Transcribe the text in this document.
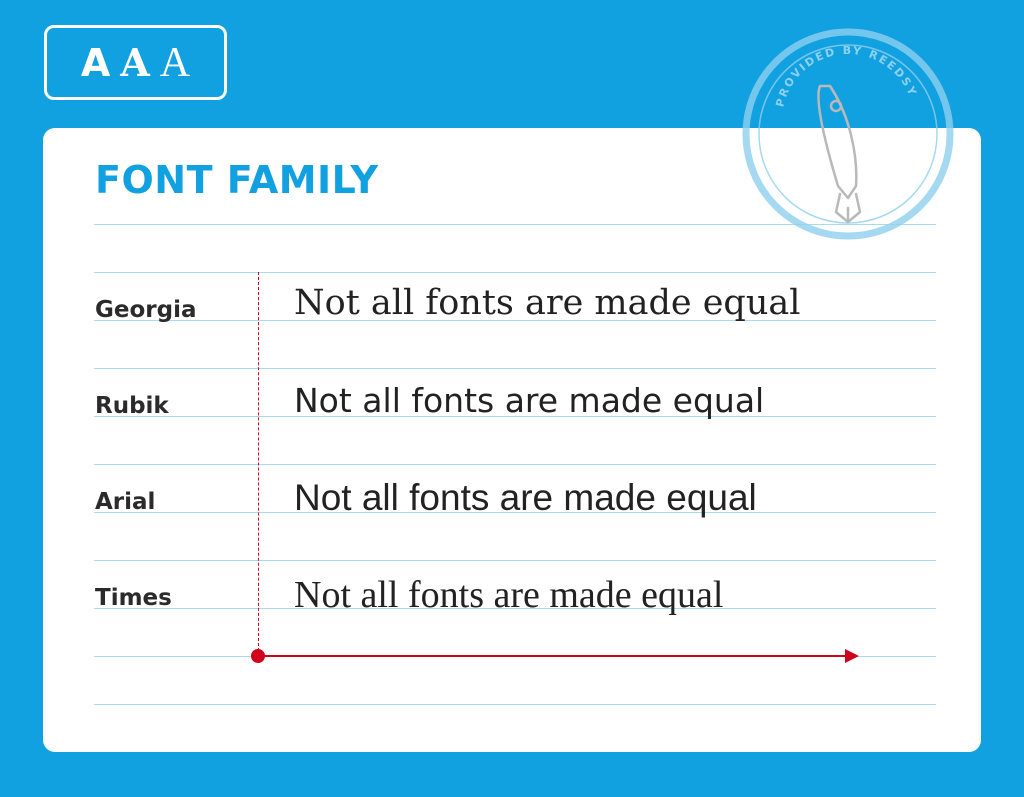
A A A
FONT FAMILY
Georgia	Not all fonts are made equal
Rubik	Not all fonts are made equal
Arial	Not all fonts are made equal
Times	Not all fonts are made equal
PROVIDED BY REEDSY
